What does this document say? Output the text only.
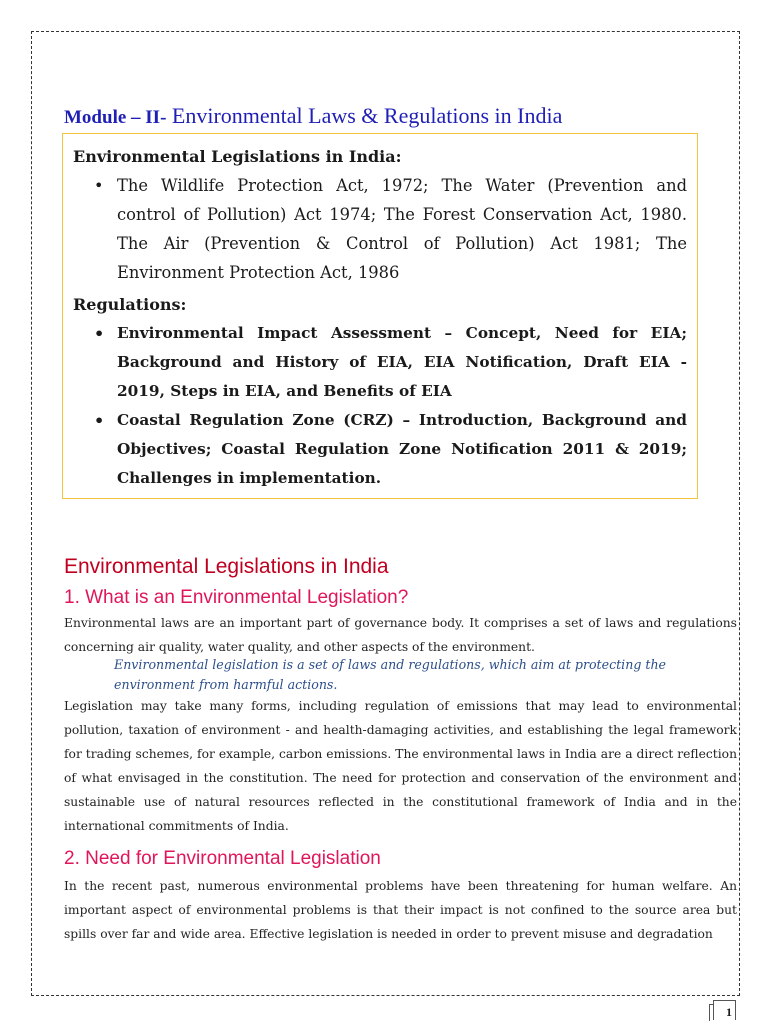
Module – II- Environmental Laws & Regulations in India
Environmental Legislations in India:
• The Wildlife Protection Act, 1972; The Water (Prevention and control of Pollution) Act 1974; The Forest Conservation Act, 1980. The Air (Prevention & Control of Pollution) Act 1981; The Environment Protection Act, 1986
Regulations:
• Environmental Impact Assessment – Concept, Need for EIA; Background and History of EIA, EIA Notification, Draft EIA - 2019, Steps in EIA, and Benefits of EIA
• Coastal Regulation Zone (CRZ) – Introduction, Background and Objectives; Coastal Regulation Zone Notification 2011 & 2019; Challenges in implementation.
Environmental Legislations in India
1. What is an Environmental Legislation?

Environmental laws are an important part of governance body. It comprises a set of laws and regulations concerning air quality, water quality, and other aspects of the environment.

Environmental legislation is a set of laws and regulations, which aim at protecting the environment from harmful actions.

Legislation may take many forms, including regulation of emissions that may lead to environmental pollution, taxation of environment - and health-damaging activities, and establishing the legal framework for trading schemes, for example, carbon emissions. The environmental laws in India are a direct reflection of what envisaged in the constitution. The need for protection and conservation of the environment and sustainable use of natural resources reflected in the constitutional framework of India and in the international commitments of India.

2. Need for Environmental Legislation

In the recent past, numerous environmental problems have been threatening for human welfare. An important aspect of environmental problems is that their impact is not confined to the source area but spills over far and wide area. Effective legislation is needed in order to prevent misuse and degradation

1
